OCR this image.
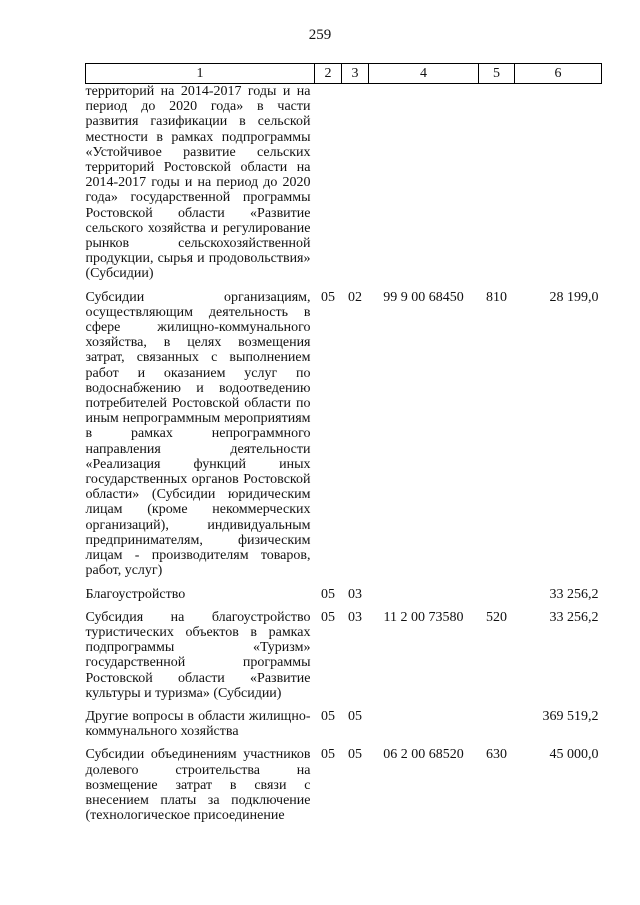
259
1	2	3	4	5	6
территорий на 2014-2017 годы и на период до 2020 года» в части развития газификации в сельской местности в рамках подпрограммы «Устойчивое развитие сельских территорий Ростовской области на 2014-2017 годы и на период до 2020 года» государственной программы Ростовской области «Развитие сельского хозяйства и регулирование рынков сельскохозяйственной продукции, сырья и продовольствия» (Субсидии)					
Субсидии организациям, осуществляющим деятельность в сфере жилищно-коммунального хозяйства, в целях возмещения затрат, связанных с выполнением работ и оказанием услуг по водоснабжению и водоотведению потребителей Ростовской области по иным непрограммным мероприятиям в рамках непрограммного направления деятельности «Реализация функций иных государственных органов Ростовской области» (Субсидии юридическим лицам (кроме некоммерческих организаций), индивидуальным предпринимателям, физическим лицам - производителям товаров, работ, услуг)	05	02	99 9 00 68450	810	28 199,0
Благоустройство	05	03			33 256,2
Субсидия на благоустройство туристических объектов в рамках подпрограммы «Туризм» государственной программы Ростовской области «Развитие культуры и туризма» (Субсидии)	05	03	11 2 00 73580	520	33 256,2
Другие вопросы в области жилищно-коммунального хозяйства	05	05			369 519,2
Субсидии объединениям участников долевого строительства на возмещение затрат в связи с внесением платы за подключение (технологическое присоединение	05	05	06 2 00 68520	630	45 000,0
